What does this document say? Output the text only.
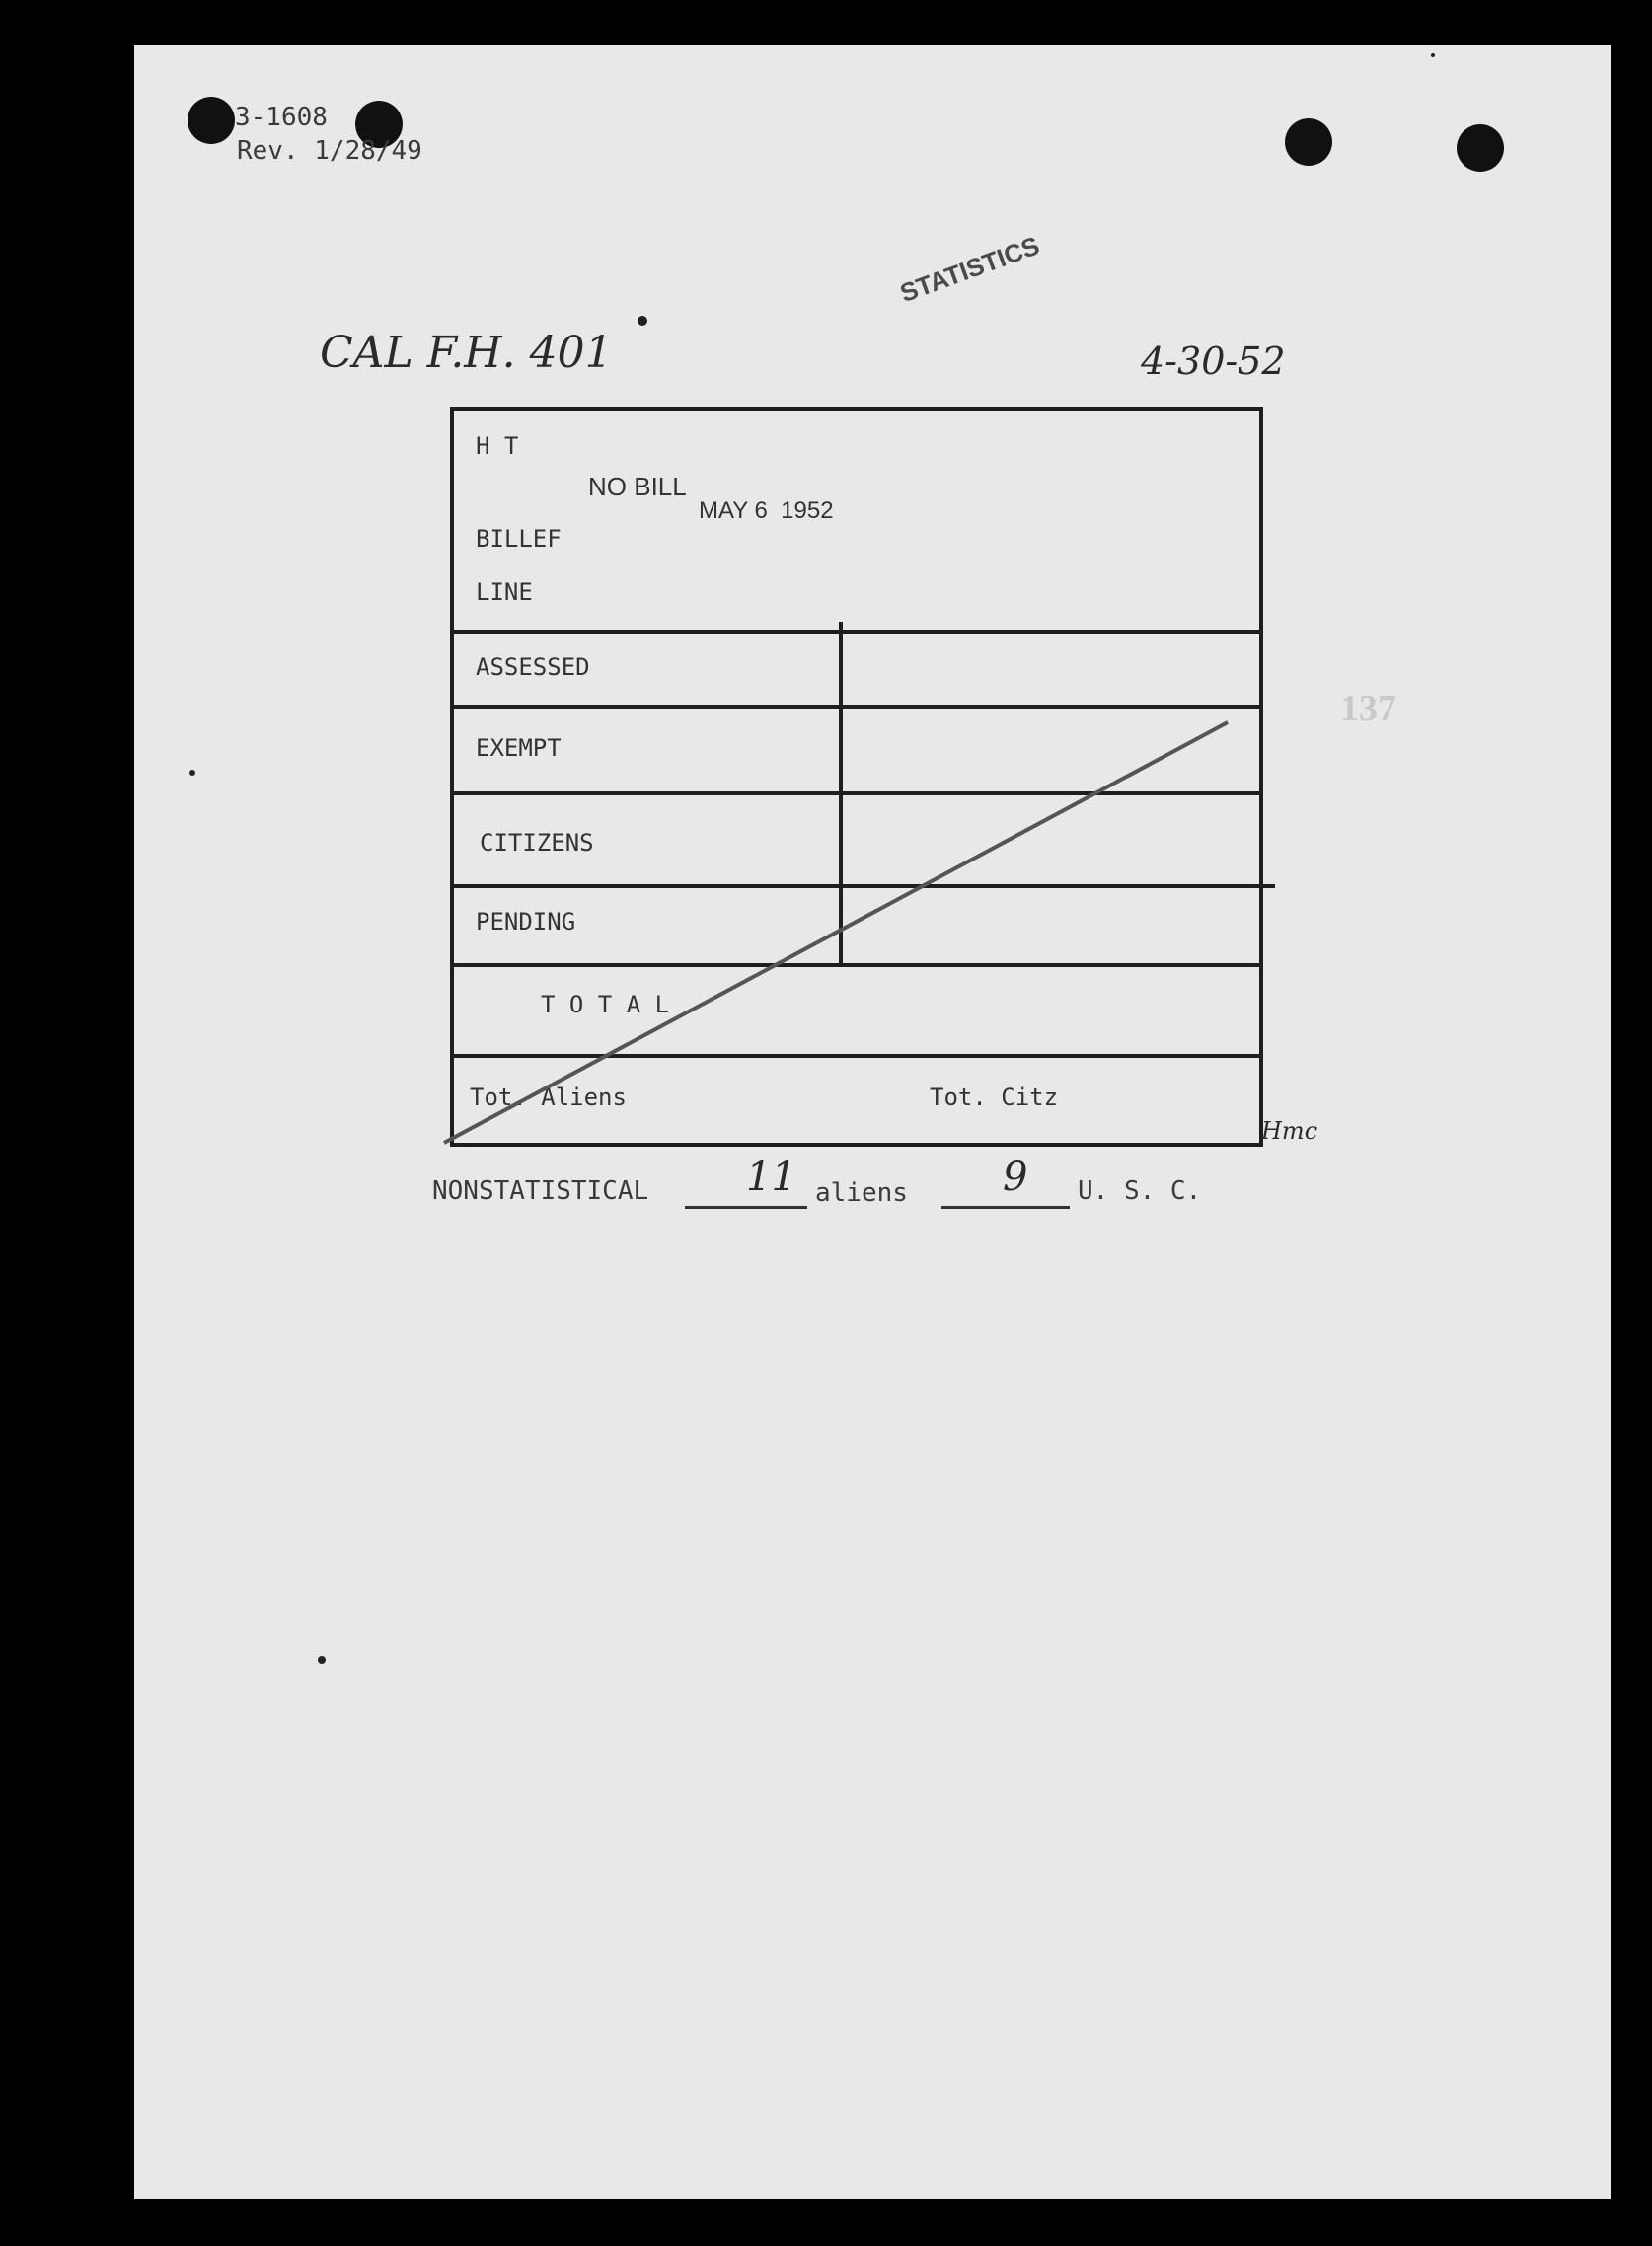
3-1608
Rev. 1/28/49
STATISTICS
CAL F.H. 401	4-30-52
137
H T
BILLEF
LINE
NO BILL
MAY 6  1952
ASSESSED
EXEMPT
CITIZENS
PENDING
T O T A L
Tot. Aliens	Tot. Citz
Hmc
NONSTATISTICAL 11 aliens 9 U. S. C.
